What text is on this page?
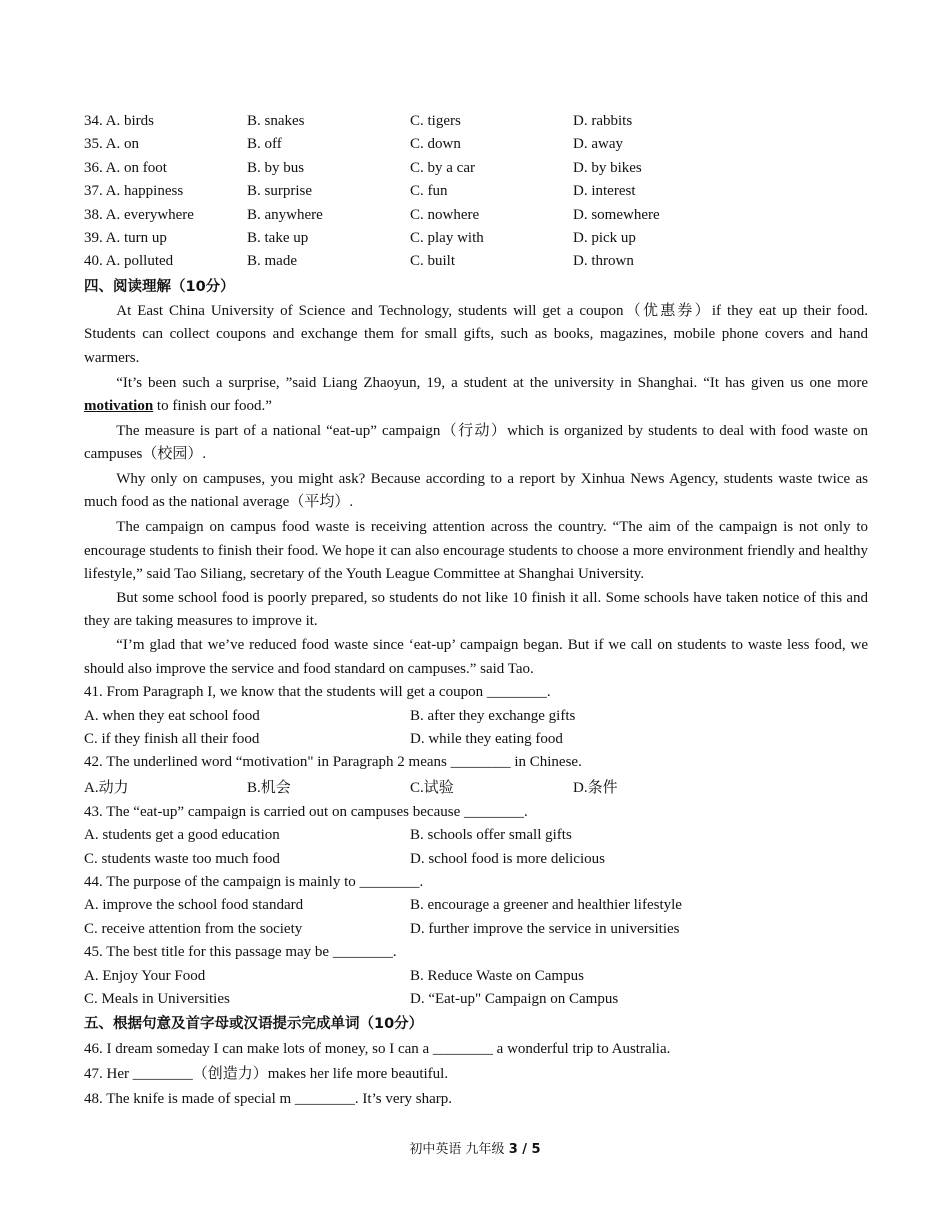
34. A. birds	B. snakes	C. tigers	D. rabbits
35. A. on	B. off	C. down	D. away
36. A. on foot	B. by bus	C. by a car	D. by bikes
37. A. happiness	B. surprise	C. fun	D. interest
38. A. everywhere	B. anywhere	C. nowhere	D. somewhere
39. A. turn up	B. take up	C. play with	D. pick up
40. A. polluted	B. made	C. built	D. thrown
四、阅读理解（10分）

At East China University of Science and Technology, students will get a coupon（优惠券）if they eat up their food. Students can collect coupons and exchange them for small gifts, such as books, magazines, mobile phone covers and hand warmers.

“It’s been such a surprise, ”said Liang Zhaoyun, 19, a student at the university in Shanghai. “It has given us one more motivation to finish our food.”

The measure is part of a national “eat-up” campaign（行动）which is organized by students to deal with food waste on campuses（校园）.

Why only on campuses, you might ask? Because according to a report by Xinhua News Agency, students waste twice as much food as the national average（平均）.

The campaign on campus food waste is receiving attention across the country. “The aim of the campaign is not only to encourage students to finish their food. We hope it can also encourage students to choose a more environment friendly and healthy lifestyle,” said Tao Siliang, secretary of the Youth League Committee at Shanghai University.

But some school food is poorly prepared, so students do not like 10 finish it all. Some schools have taken notice of this and they are taking measures to improve it.

“I’m glad that we’ve reduced food waste since ‘eat-up’ campaign began. But if we call on students to waste less food, we should also improve the service and food standard on campuses.” said Tao.

41. From Paragraph I, we know that the students will get a coupon ________.

A. when they eat school food	B. after they exchange gifts
C. if they finish all their food	D. while they eating food

42. The underlined word “motivation" in Paragraph 2 means ________ in Chinese.

A.动力	B.机会	C.试验	D.条件

43. The “eat-up” campaign is carried out on campuses because ________.

A. students get a good education	B. schools offer small gifts
C. students waste too much food	D. school food is more delicious

44. The purpose of the campaign is mainly to ________.

A. improve the school food standard	B. encourage a greener and healthier lifestyle
C. receive attention from the society	D. further improve the service in universities

45. The best title for this passage may be ________.

A. Enjoy Your Food	B. Reduce Waste on Campus
C. Meals in Universities	D. “Eat-up" Campaign on Campus
五、根据句意及首字母或汉语提示完成单词（10分）

46. I dream someday I can make lots of money, so I can a ________ a wonderful trip to Australia.

47. Her ________（创造力）makes her life more beautiful.

48. The knife is made of special m ________. It’s very sharp.

初中英语 九年级 3 / 5
